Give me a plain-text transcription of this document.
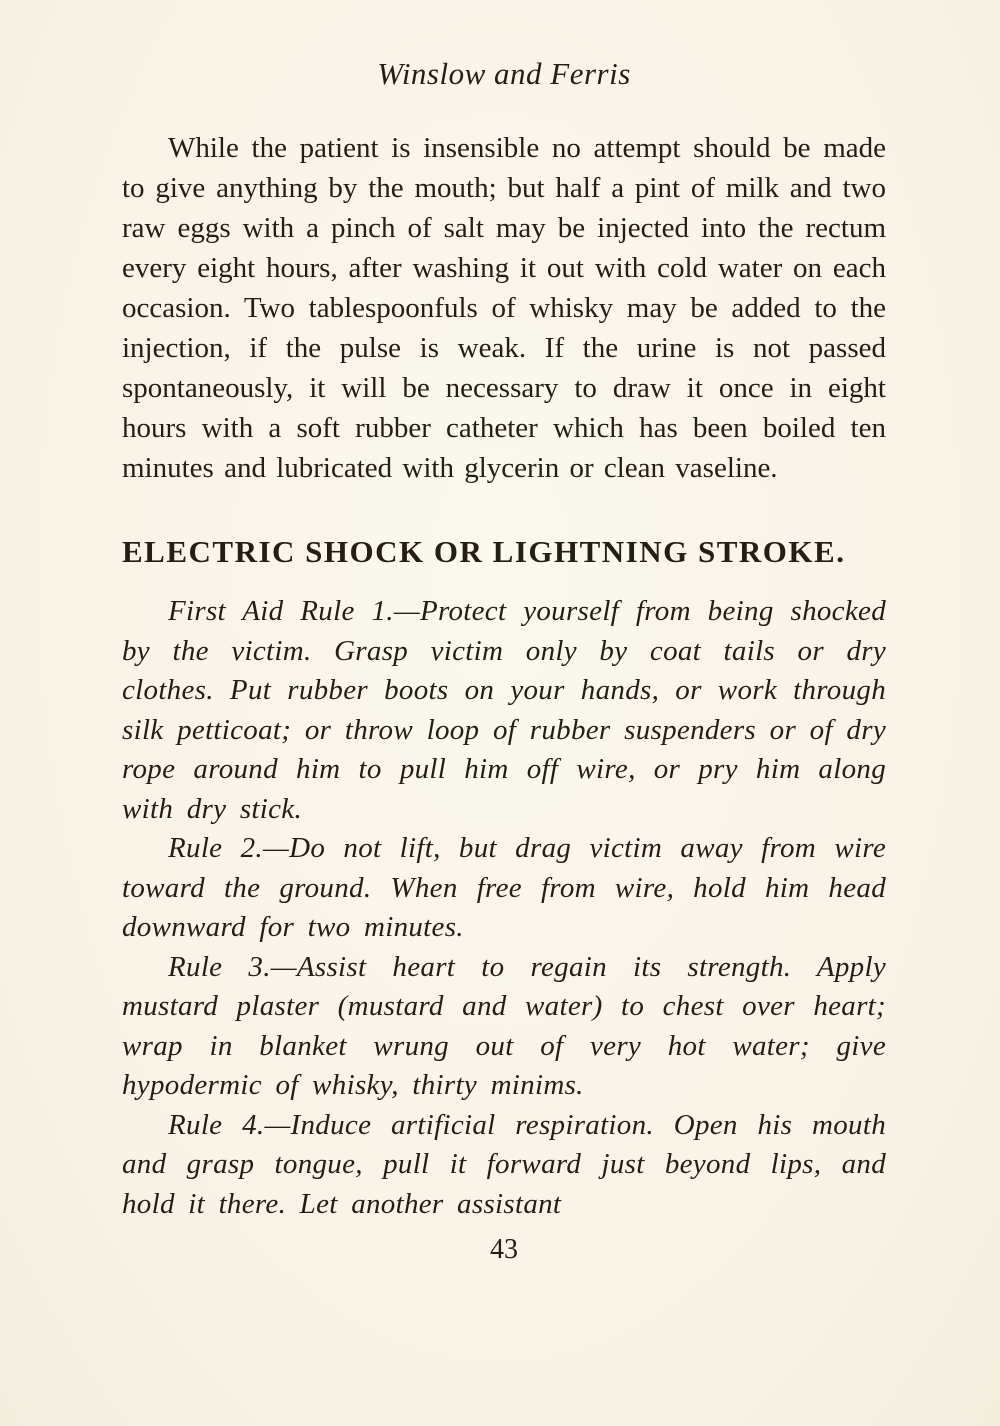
Winslow and Ferris

While the patient is insensible no attempt should be made to give anything by the mouth; but half a pint of milk and two raw eggs with a pinch of salt may be injected into the rectum every eight hours, after washing it out with cold water on each occasion. Two tablespoonfuls of whisky may be added to the injection, if the pulse is weak. If the urine is not passed spontaneously, it will be necessary to draw it once in eight hours with a soft rubber catheter which has been boiled ten minutes and lubricated with glycerin or clean vaseline.

ELECTRIC SHOCK OR LIGHTNING STROKE.

First Aid Rule 1.—Protect yourself from being shocked by the victim. Grasp victim only by coat tails or dry clothes. Put rubber boots on your hands, or work through silk petticoat; or throw loop of rubber suspenders or of dry rope around him to pull him off wire, or pry him along with dry stick.

Rule 2.—Do not lift, but drag victim away from wire toward the ground. When free from wire, hold him head downward for two minutes.

Rule 3.—Assist heart to regain its strength. Apply mustard plaster (mustard and water) to chest over heart; wrap in blanket wrung out of very hot water; give hypodermic of whisky, thirty minims.

Rule 4.—Induce artificial respiration. Open his mouth and grasp tongue, pull it forward just beyond lips, and hold it there. Let another assistant

43
